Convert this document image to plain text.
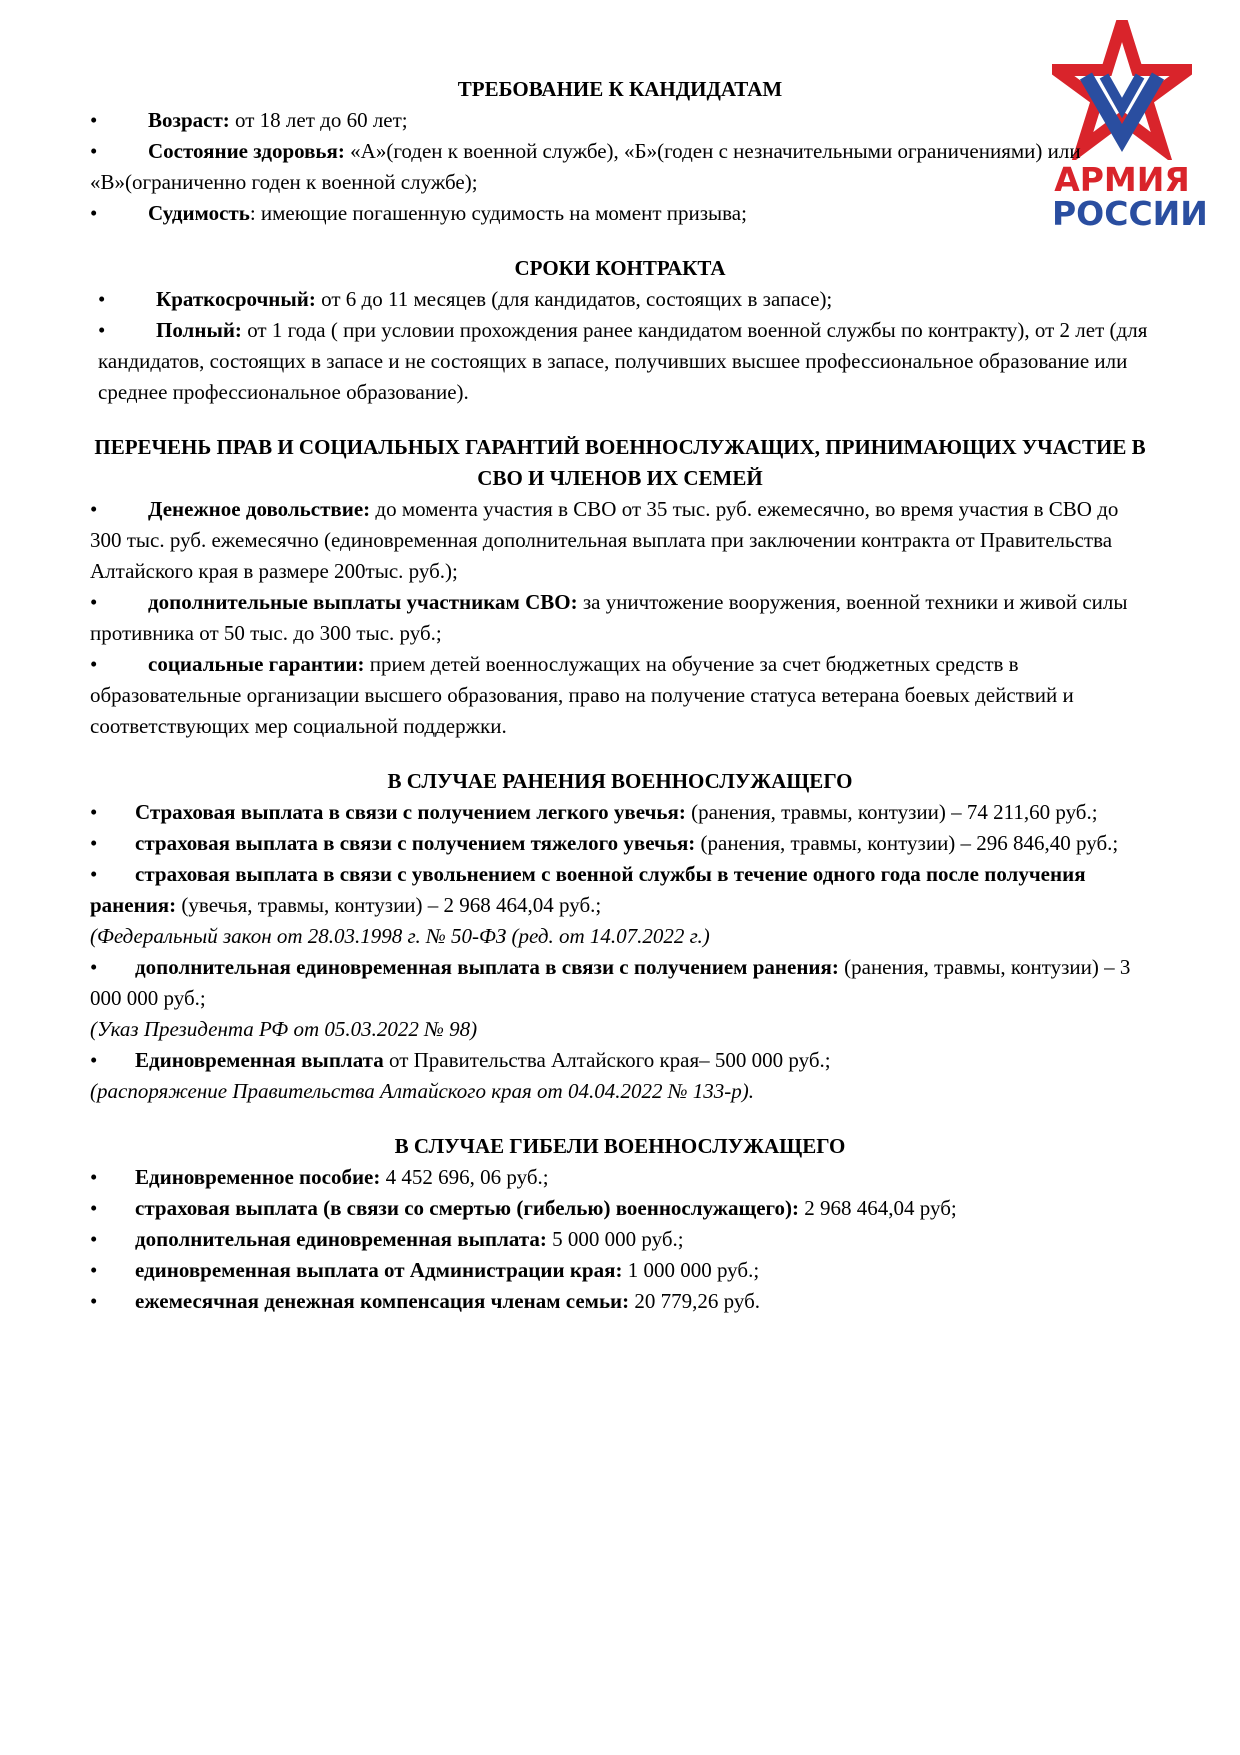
АРМИЯ
РОССИИ
ТРЕБОВАНИЕ К КАНДИДАТАМ
• Возраст: от 18 лет до 60 лет;
• Состояние здоровья: «А»(годен к военной службе), «Б»(годен с незначительными ограничениями) или «В»(ограниченно годен к военной службе);
• Судимость: имеющие погашенную судимость на момент призыва;
СРОКИ КОНТРАКТА
• Краткосрочный: от 6 до 11 месяцев (для кандидатов, состоящих в запасе);
• Полный: от 1 года ( при условии прохождения ранее кандидатом военной службы по контракту), от 2 лет (для кандидатов, состоящих в запасе и не состоящих в запасе, получивших высшее профессиональное образование или среднее профессиональное образование).
ПЕРЕЧЕНЬ ПРАВ И СОЦИАЛЬНЫХ ГАРАНТИЙ ВОЕННОСЛУЖАЩИХ, ПРИНИМАЮЩИХ УЧАСТИЕ В СВО И ЧЛЕНОВ ИХ СЕМЕЙ
• Денежное довольствие: до момента участия в СВО от 35 тыс. руб. ежемесячно, во время участия в СВО до 300 тыс. руб. ежемесячно (единовременная дополнительная выплата при заключении контракта от Правительства Алтайского края в размере 200тыс. руб.);
• дополнительные выплаты участникам СВО: за уничтожение вооружения, военной техники и живой силы противника от 50 тыс. до 300 тыс. руб.;
• социальные гарантии: прием детей военнослужащих на обучение за счет бюджетных средств в образовательные организации высшего образования, право на получение статуса ветерана боевых действий и соответствующих мер социальной поддержки.
В СЛУЧАЕ РАНЕНИЯ ВОЕННОСЛУЖАЩЕГО
• Страховая выплата в связи с получением легкого увечья: (ранения, травмы, контузии) – 74 211,60 руб.;
• страховая выплата в связи с получением тяжелого увечья: (ранения, травмы, контузии) – 296 846,40 руб.;
• страховая выплата в связи с увольнением с военной службы в течение одного года после получения ранения: (увечья, травмы, контузии) – 2 968 464,04 руб.;
(Федеральный закон от 28.03.1998 г. № 50-ФЗ (ред. от 14.07.2022 г.)
• дополнительная единовременная выплата в связи с получением ранения: (ранения, травмы, контузии) – 3 000 000 руб.;
(Указ Президента РФ от 05.03.2022 № 98)
• Единовременная выплата от Правительства Алтайского края– 500 000 руб.;
(распоряжение Правительства Алтайского края от 04.04.2022 № 133-р).
В СЛУЧАЕ ГИБЕЛИ ВОЕННОСЛУЖАЩЕГО
• Единовременное пособие: 4 452 696, 06 руб.;
• страховая выплата (в связи со смертью (гибелью) военнослужащего): 2 968 464,04 руб;
• дополнительная единовременная выплата: 5 000 000 руб.;
• единовременная выплата от Администрации края: 1 000 000 руб.;
• ежемесячная денежная компенсация членам семьи: 20 779,26 руб.
